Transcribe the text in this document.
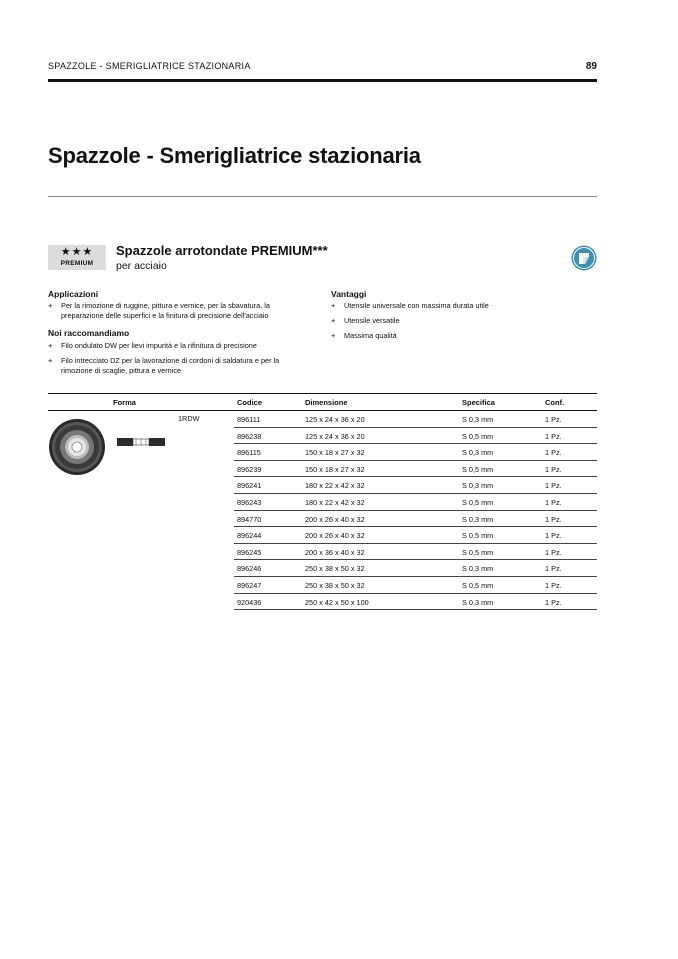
SPAZZOLE - SMERIGLIATRICE STAZIONARIA	89
Spazzole - Smerigliatrice stazionaria
★★★
PREMIUM
Spazzole arrotondate PREMIUM***
per acciaio
Applicazioni
+ Per la rimozione di ruggine, pittura e vernice, per la sbavatura, la preparazione delle superfici e la finitura di precisione dell'acciaio
Noi raccomandiamo
+ Filo ondulato DW per lievi impurità e la rifinitura di precisione
+ Filo intrecciato DZ per la lavorazione di cordoni di saldatura e per la rimozione di scaglie, pittura e vernice
Vantaggi
+ Utensile universale con massima durata utile
+ Utensile versatile
+ Massima qualità
Forma	Codice	Dimensione	Specifica	Conf.
896111	125 x 24 x 36 x 20	S 0,3 mm	1 Pz.
896238	125 x 24 x 36 x 20	S 0,5 mm	1 Pz.
896115	150 x 18 x 27 x 32	S 0,3 mm	1 Pz.
896239	150 x 18 x 27 x 32	S 0,5 mm	1 Pz.
896241	180 x 22 x 42 x 32	S 0,3 mm	1 Pz.
896243	180 x 22 x 42 x 32	S 0,5 mm	1 Pz.
894770	200 x 26 x 40 x 32	S 0,3 mm	1 Pz.
896244	200 x 26 x 40 x 32	S 0,5 mm	1 Pz.
896245	200 x 36 x 40 x 32	S 0,5 mm	1 Pz.
896246	250 x 38 x 50 x 32	S 0,3 mm	1 Pz.
896247	250 x 38 x 50 x 32	S 0,5 mm	1 Pz.
920436	250 x 42 x 50 x 100	S 0,3 mm	1 Pz.
1RDW
